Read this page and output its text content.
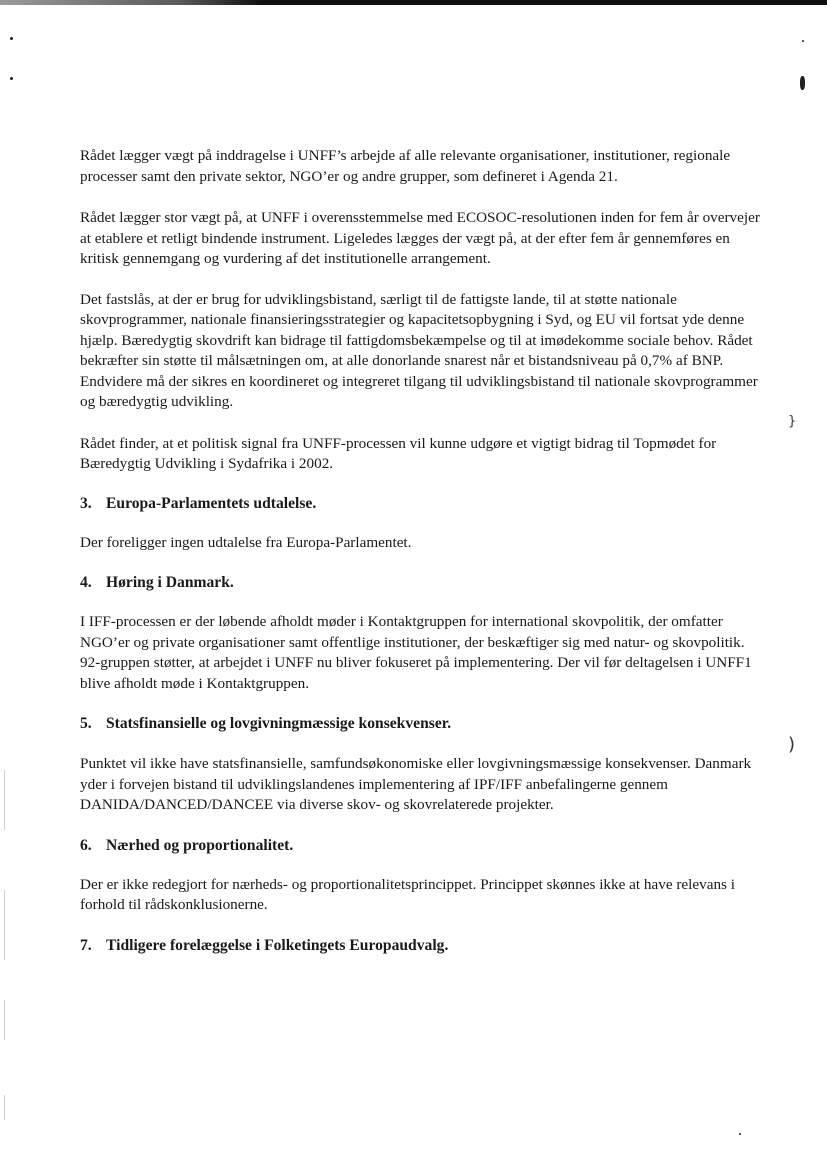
}
)

Rådet lægger vægt på inddragelse i UNFF’s arbejde af alle relevante organisationer, institutioner, regionale processer samt den private sektor, NGO’er og andre grupper, som defineret i Agenda 21.

Rådet lægger stor vægt på, at UNFF i overensstemmelse med ECOSOC-resolutionen inden for fem år overvejer at etablere et retligt bindende instrument. Ligeledes lægges der vægt på, at der efter fem år gennemføres en kritisk gennemgang og vurdering af det institutionelle arrangement.

Det fastslås, at der er brug for udviklingsbistand, særligt til de fattigste lande, til at støtte nationale skovprogrammer, nationale finansieringsstrategier og kapacitetsopbygning i Syd, og EU vil fortsat yde denne hjælp. Bæredygtig skovdrift kan bidrage til fattigdomsbekæmpelse og til at imødekomme sociale behov. Rådet bekræfter sin støtte til målsætningen om, at alle donorlande snarest når et bistandsniveau på 0,7% af BNP. Endvidere må der sikres en koordineret og integreret tilgang til udviklingsbistand til nationale skovprogrammer og bæredygtig udvikling.

Rådet finder, at et politisk signal fra UNFF-processen vil kunne udgøre et vigtigt bidrag til Topmødet for Bæredygtig Udvikling i Sydafrika i 2002.

3. Europa-Parlamentets udtalelse.

Der foreligger ingen udtalelse fra Europa-Parlamentet.

4. Høring i Danmark.

I IFF-processen er der løbende afholdt møder i Kontaktgruppen for international skovpolitik, der omfatter NGO’er og private organisationer samt offentlige institutioner, der beskæftiger sig med natur- og skovpolitik. 92-gruppen støtter, at arbejdet i UNFF nu bliver fokuseret på implementering. Der vil før deltagelsen i UNFF1 blive afholdt møde i Kontaktgruppen.

5. Statsfinansielle og lovgivningmæssige konsekvenser.

Punktet vil ikke have statsfinansielle, samfundsøkonomiske eller lovgivningsmæssige konsekvenser. Danmark yder i forvejen bistand til udviklingslandenes implementering af IPF/IFF anbefalingerne gennem DANIDA/DANCED/DANCEE via diverse skov- og skovrelaterede projekter.

6. Nærhed og proportionalitet.

Der er ikke redegjort for nærheds- og proportionalitetsprincippet. Princippet skønnes ikke at have relevans i forhold til rådskonklusionerne.

7. Tidligere forelæggelse i Folketingets Europaudvalg.
